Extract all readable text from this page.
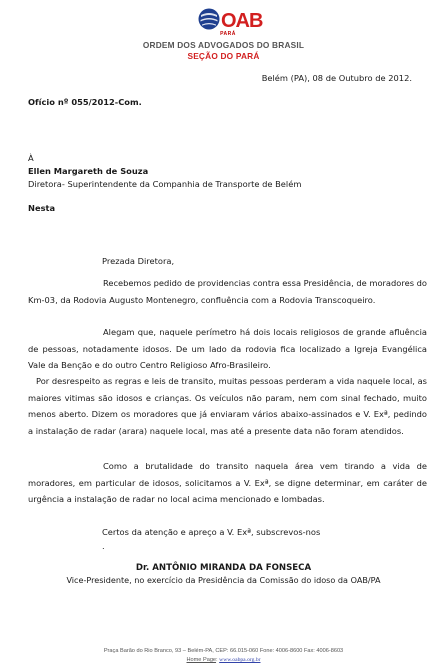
OAB
PARÁ
ORDEM DOS ADVOGADOS DO BRASIL
SEÇÃO DO PARÁ
Belém (PA), 08 de Outubro de 2012.
Ofício nº 055/2012-Com.
À
Ellen Margareth de Souza
Diretora- Superintendente da Companhia de Transporte de Belém
Nesta
Prezada Diretora,
Recebemos pedido de providencias contra essa Presidência, de moradores do Km-03, da Rodovia Augusto Montenegro, confluência com a Rodovia Transcoqueiro.
Alegam que, naquele perímetro há dois locais religiosos de grande afluência de pessoas, notadamente idosos. De um lado da rodovia fica localizado a Igreja Evangélica Vale da Benção e do outro Centro Religioso Afro-Brasileiro.
Por desrespeito as regras e leis de transito, muitas pessoas perderam a vida naquele local, as maiores vitimas são idosos e crianças. Os veículos não param, nem com sinal fechado, muito menos aberto. Dizem os moradores que já enviaram vários abaixo-assinados e V. Exª, pedindo a instalação de radar (arara) naquele local, mas até a presente data não foram atendidos.
Como a brutalidade do transito naquela área vem tirando a vida de moradores, em particular de idosos, solicitamos a V. Exª, se digne determinar, em caráter de urgência a instalação de radar no local acima mencionado e lombadas.
Certos da atenção e apreço a V. Exª, subscrevos-nos
.
Dr. ANTÔNIO MIRANDA DA FONSECA
Vice-Presidente, no exercício da Presidência da Comissão do idoso da OAB/PA
Praça Barão do Rio Branco, 93 – Belém-PA, CEP: 66.015-060 Fone: 4006-8600 Fax: 4006-8603
Home Page: www.oabpa.org.br
